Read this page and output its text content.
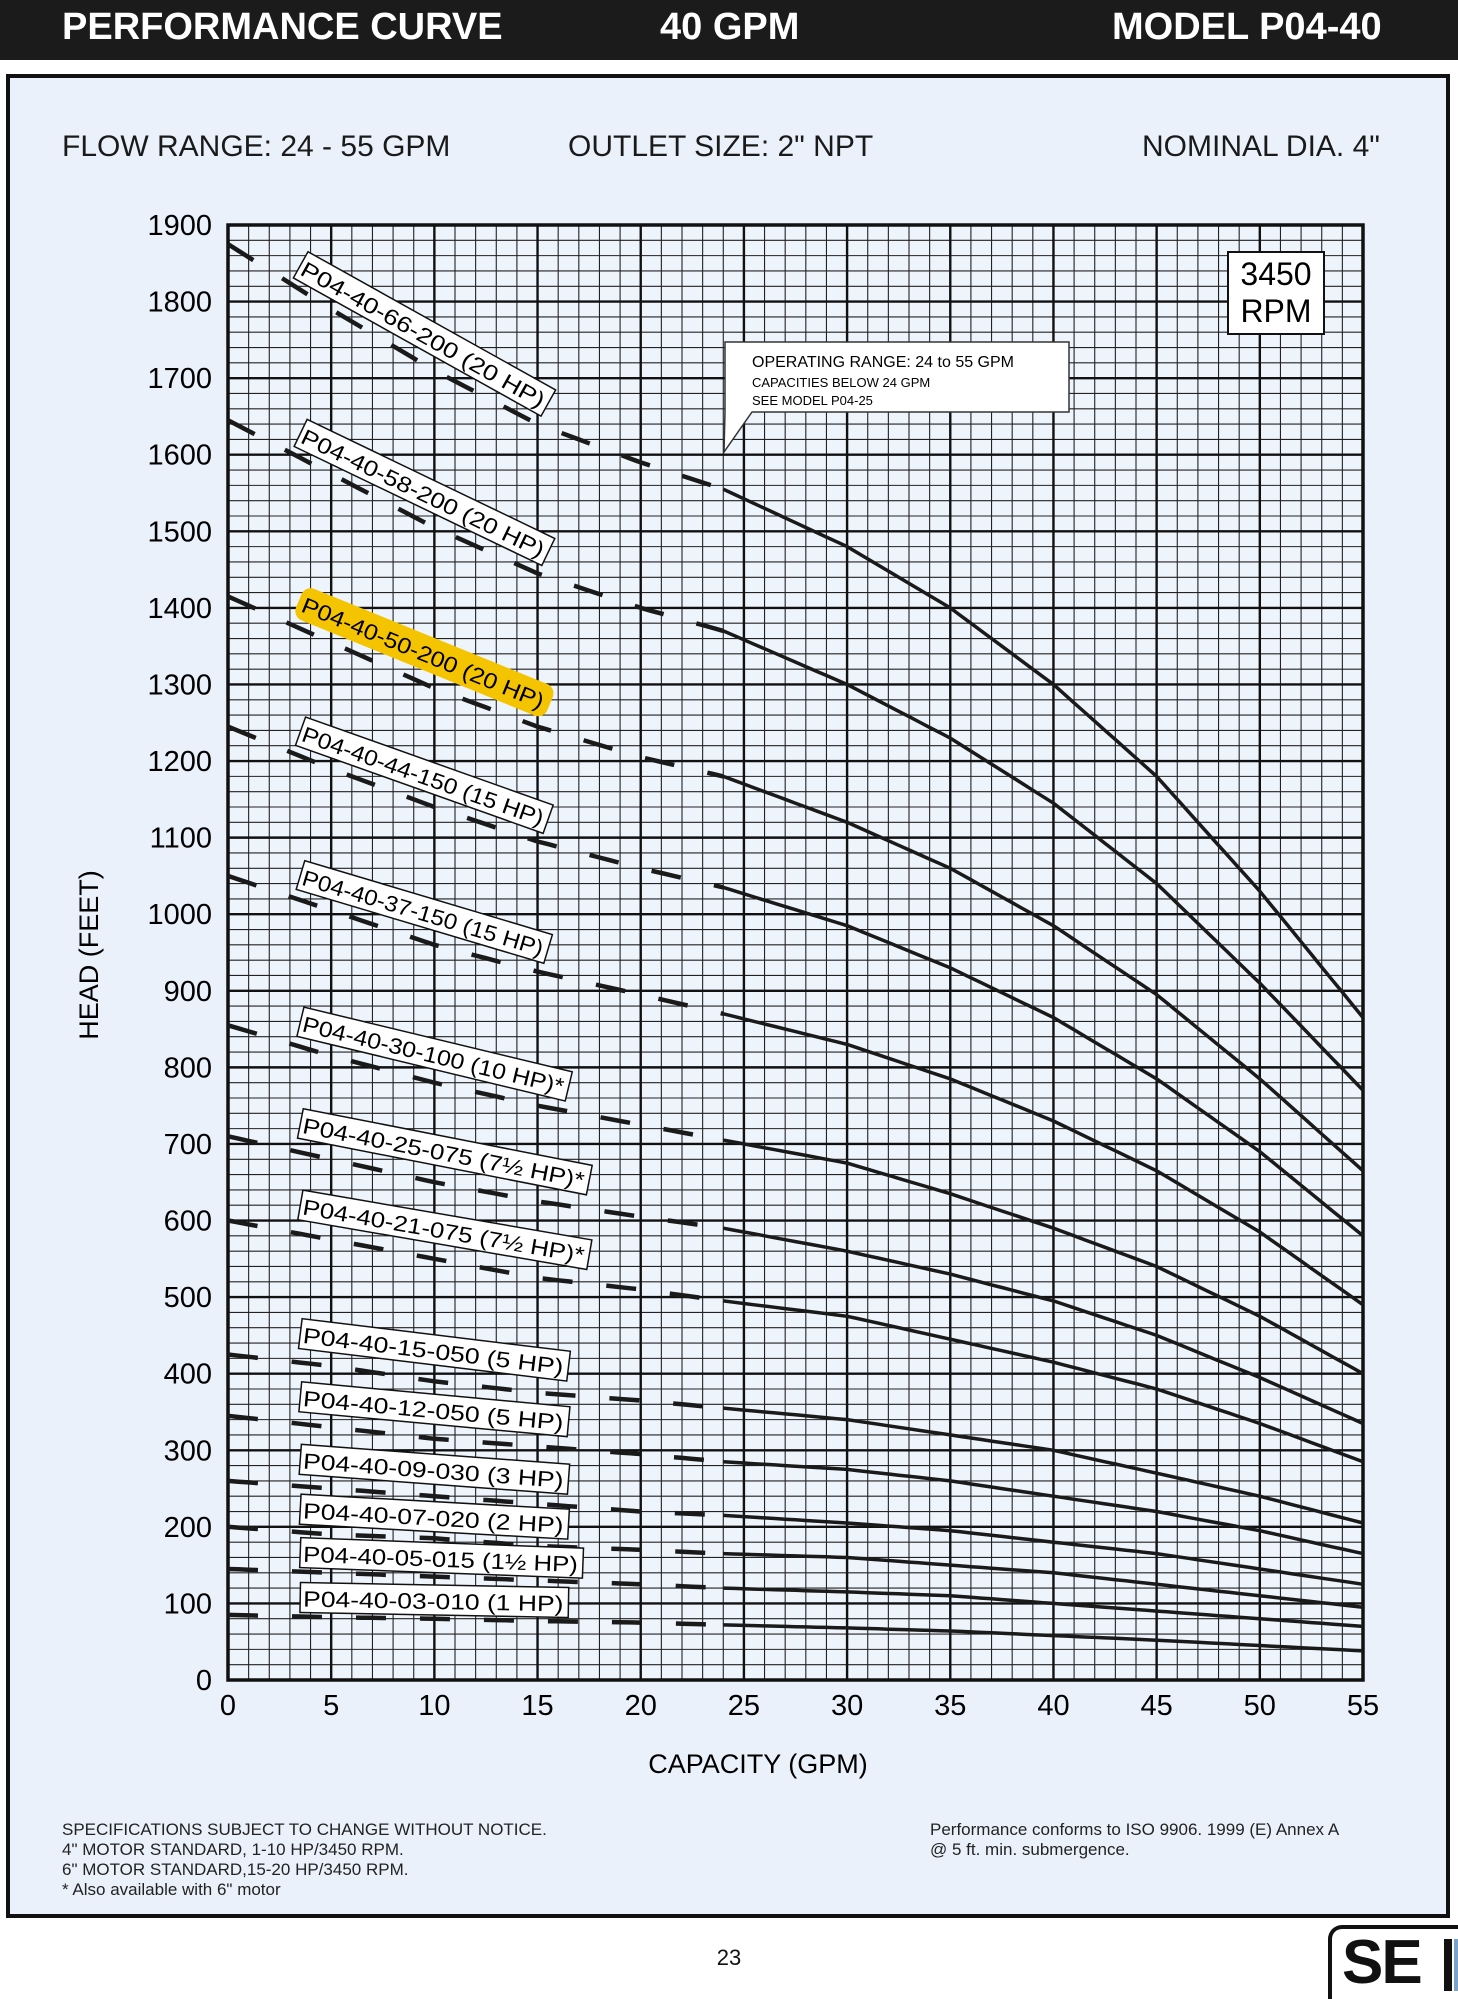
PERFORMANCE CURVE	40 GPM	MODEL P04-40
FLOW RANGE: 24 - 55 GPM	OUTLET SIZE: 2" NPT	NOMINAL DIA. 4"
0	5	10 15 20 25 30 35 40 45 50 55
0
100
200
300
400
500
600
700
800
900
1000
1100
1200
1300
1400
1500
1600
1700
1800
1900
P04-40-66-200 (20 HP)
P04-40-58-200 (20 HP)
P04-40-50-200 (20 HP)
P04-40-44-150 (15 HP)
P04-40-37-150 (15 HP)
P04-40-30-100 (10 HP)*
P04-40-25-075 (7½ HP)*
P04-40-21-075 (7½ HP)*
P04-40-15-050 (5 HP)
P04-40-12-050 (5 HP)
P04-40-09-030 (3 HP)
P04-40-07-020 (2 HP)
P04-40-05-015 (1½ HP)
P04-40-03-010 (1 HP)
CAPACITY (GPM)
HEAD (FEET)
3450
RPM
OPERATING RANGE: 24 to 55 GPM
CAPACITIES BELOW 24 GPM
SEE MODEL P04-25
SPECIFICATIONS SUBJECT TO CHANGE WITHOUT NOTICE.
4" MOTOR STANDARD, 1-10 HP/3450 RPM.
6" MOTOR STANDARD,15-20 HP/3450 RPM.
* Also available with 6" motor
Performance conforms to ISO 9906. 1999 (E) Annex A
@ 5 ft. min. submergence.
23	SE
